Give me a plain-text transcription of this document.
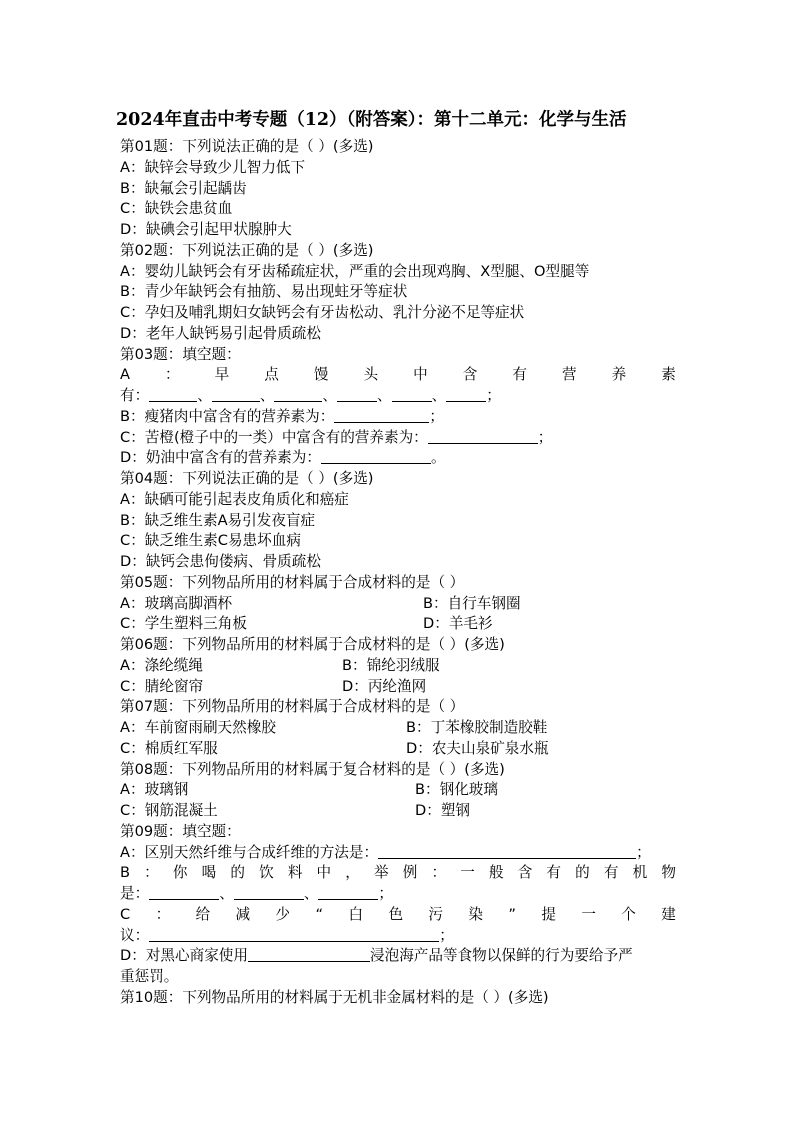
2024年直击中考专题（12）（附答案）：第十二单元：化学与生活
第01题：下列说法正确的是（ ）(多选)
A：缺锌会导致少儿智力低下
B：缺氟会引起龋齿
C：缺铁会患贫血
D：缺碘会引起甲状腺肿大
第02题：下列说法正确的是（ ）(多选)
A：婴幼儿缺钙会有牙齿稀疏症状，严重的会出现鸡胸、X型腿、O型腿等
B：青少年缺钙会有抽筋、易出现蛀牙等症状
C：孕妇及哺乳期妇女缺钙会有牙齿松动、乳汁分泌不足等症状
D：老年人缺钙易引起骨质疏松
第03题：填空题：
A ： 早 点 馒 头 中 含 有 营 养 素
有：	、	、	、	、	、	；
B：瘦猪肉中富含有的营养素为：	；
C：苦橙(橙子中的一类）中富含有的营养素为：	；
D：奶油中富含有的营养素为：	。
第04题：下列说法正确的是（ ）(多选)
A：缺硒可能引起表皮角质化和癌症
B：缺乏维生素A易引发夜盲症
C：缺乏维生素C易患坏血病
D：缺钙会患佝偻病、骨质疏松
第05题：下列物品所用的材料属于合成材料的是（ ）
A：玻璃高脚酒杯	B：自行车钢圈
C：学生塑料三角板	D：羊毛衫
第06题：下列物品所用的材料属于合成材料的是（ ）(多选)
A：涤纶缆绳	B：锦纶羽绒服
C：腈纶窗帘	D：丙纶渔网
第07题：下列物品所用的材料属于合成材料的是（ ）
A：车前窗雨刷天然橡胶	B：丁苯橡胶制造胶鞋
C：棉质红军服	D：农夫山泉矿泉水瓶
第08题：下列物品所用的材料属于复合材料的是（ ）(多选)
A：玻璃钢	B：钢化玻璃
C：钢筋混凝土	D：塑钢
第09题：填空题：
A：区别天然纤维与合成纤维的方法是：	；
B ： 你 喝 的 饮 料 中 ， 举 例 ： 一 般 含 有 的 有 机 物
是：	、	、	；
C ： 给 减 少 “ 白 色 污 染 ” 提 一 个 建
议：	；
D：对黑心商家使用	浸泡海产品等食物以保鲜的行为要给予严
重惩罚。
第10题：下列物品所用的材料属于无机非金属材料的是（ ）(多选)
